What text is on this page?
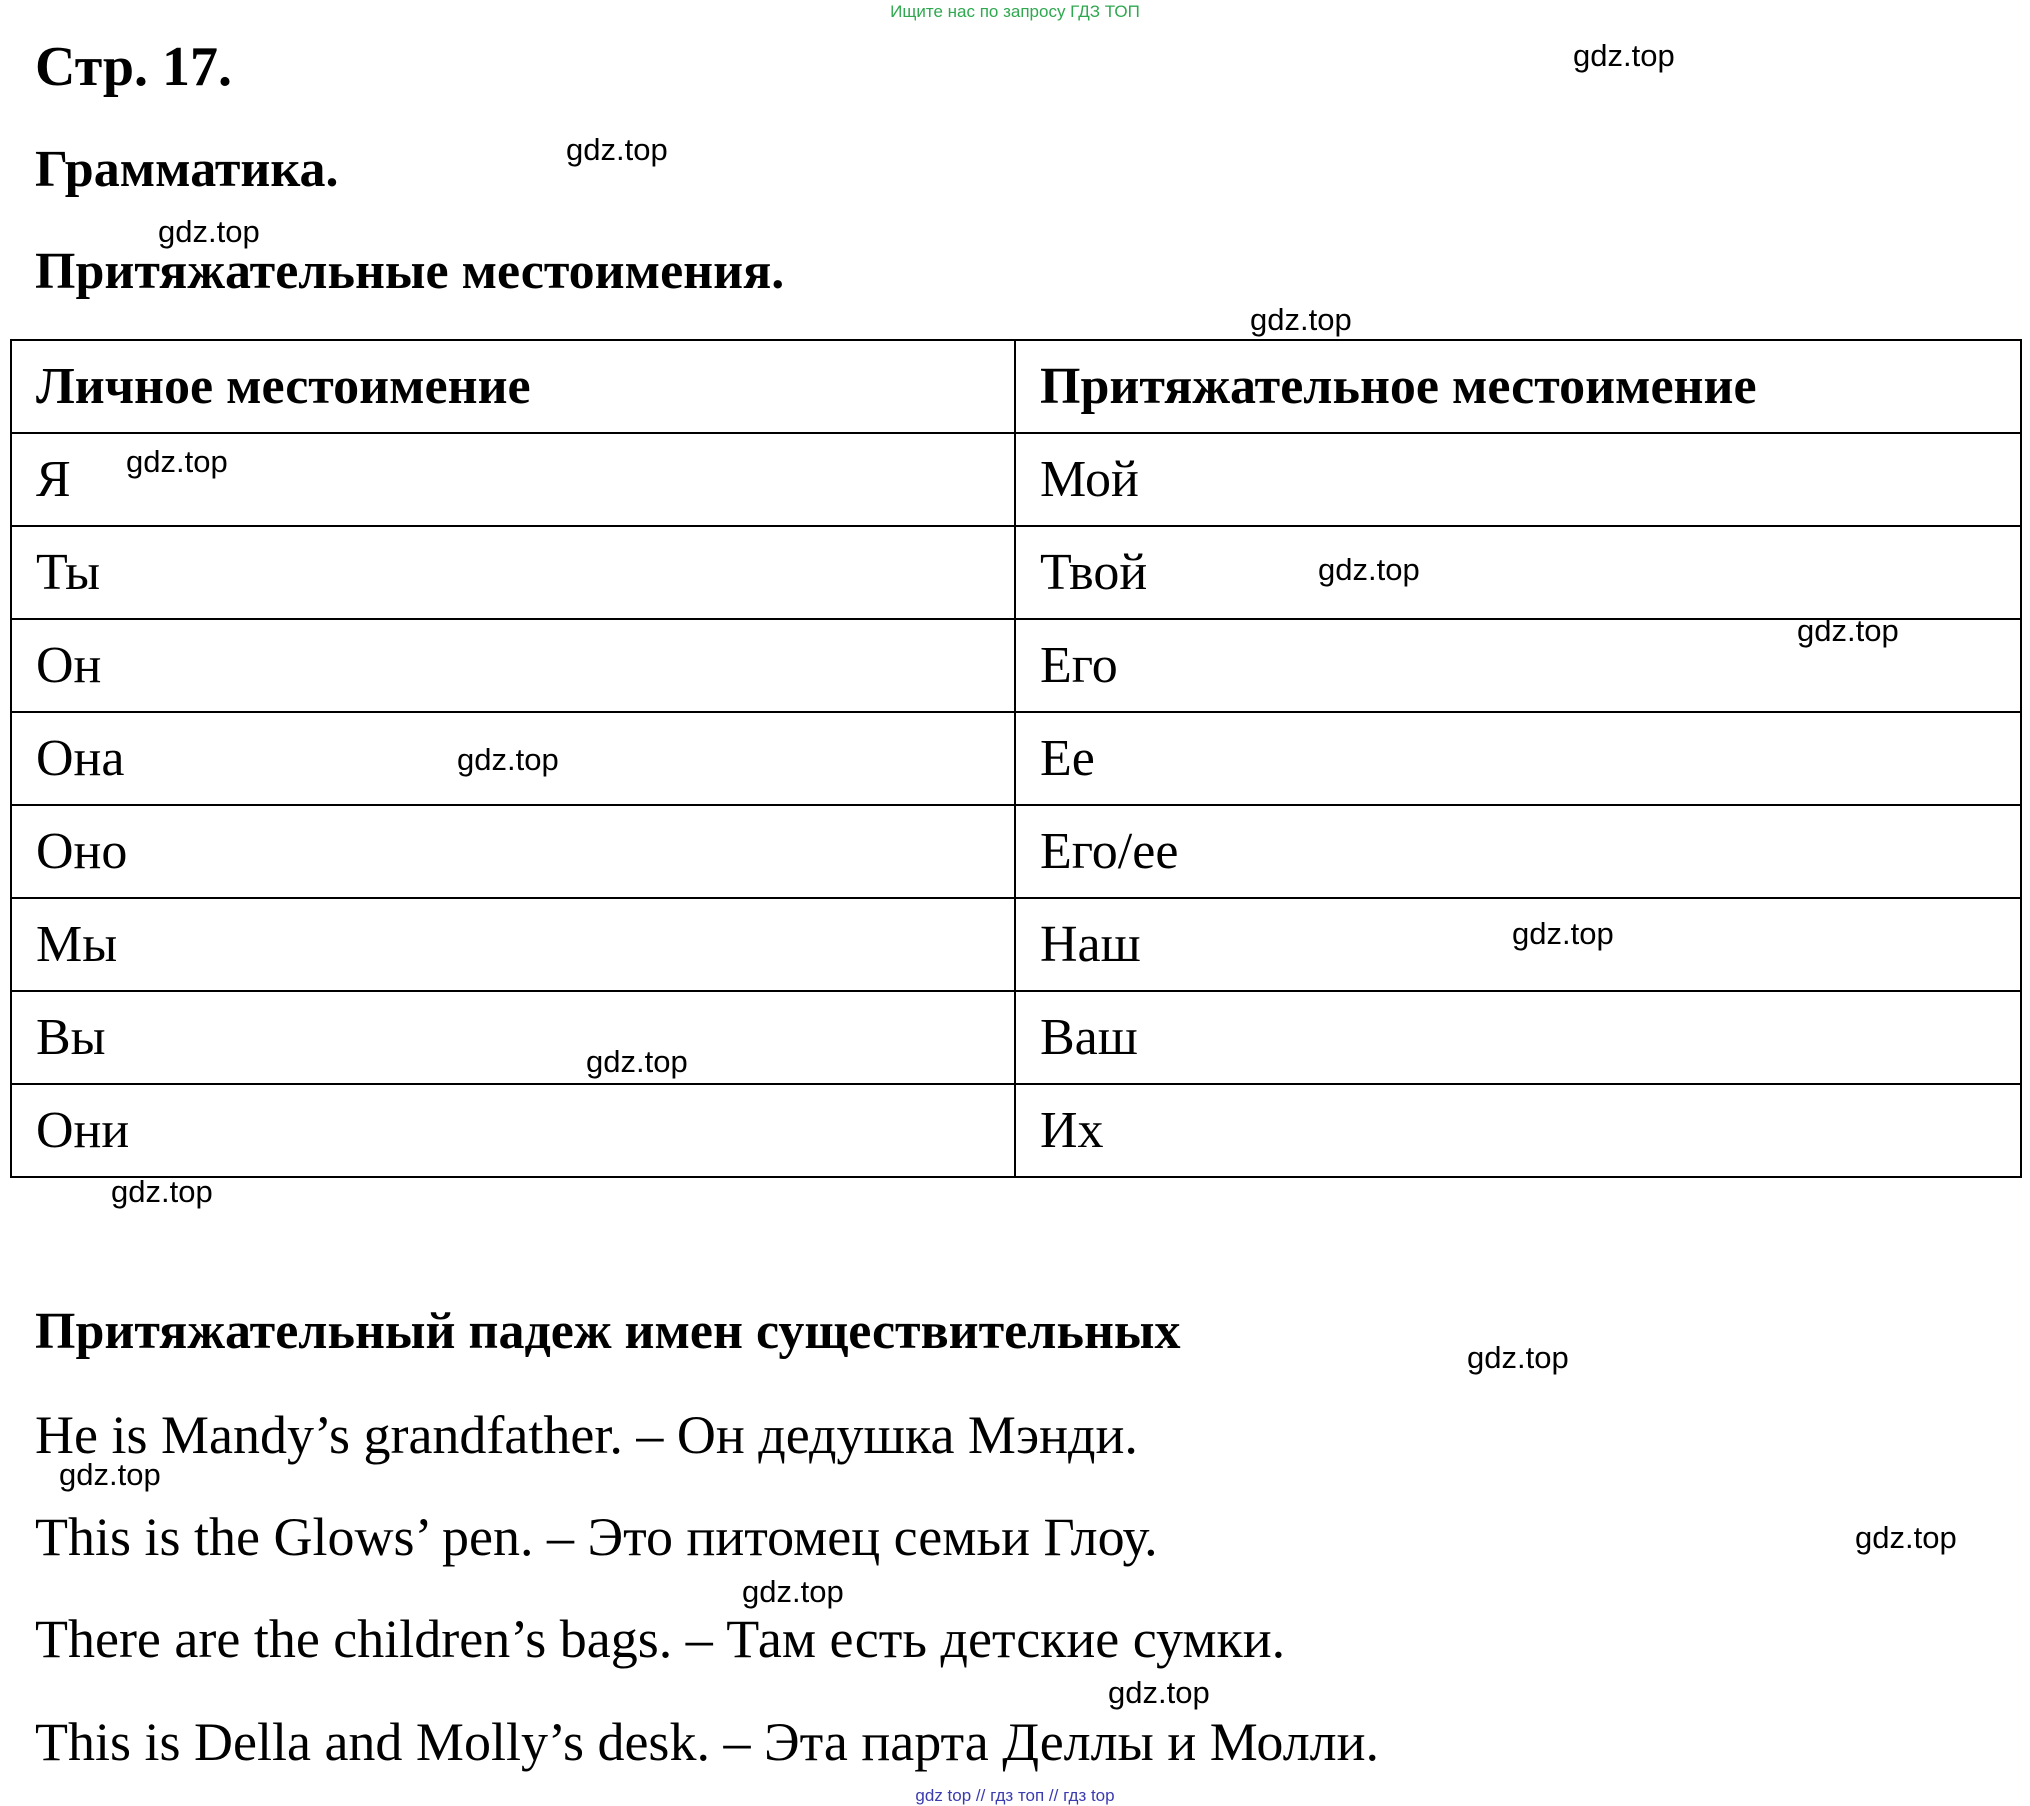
Ищите нас по запросу ГДЗ ТОП
Стр. 17.
Грамматика.
Притяжательные местоимения.
Личное местоимение	Притяжательное местоимение
Я	Мой
Ты	Твой
Он	Его
Она	Ее
Оно	Его/ее
Мы	Наш
Вы	Ваш
Они	Их
Притяжательный падеж имен существительных
He is Mandy’s grandfather. – Он дедушка Мэнди.
This is the Glows’ pen. – Это питомец семьи Глоу.
There are the children’s bags. – Там есть детские сумки.
This is Della and Molly’s desk. – Эта парта Деллы и Молли.
gdz.top
gdz.top
gdz.top
gdz.top
gdz.top
gdz.top
gdz.top
gdz.top
gdz.top
gdz.top
gdz.top
gdz.top
gdz.top
gdz.top
gdz.top
gdz.top
gdz top // гдз топ // гдз top
